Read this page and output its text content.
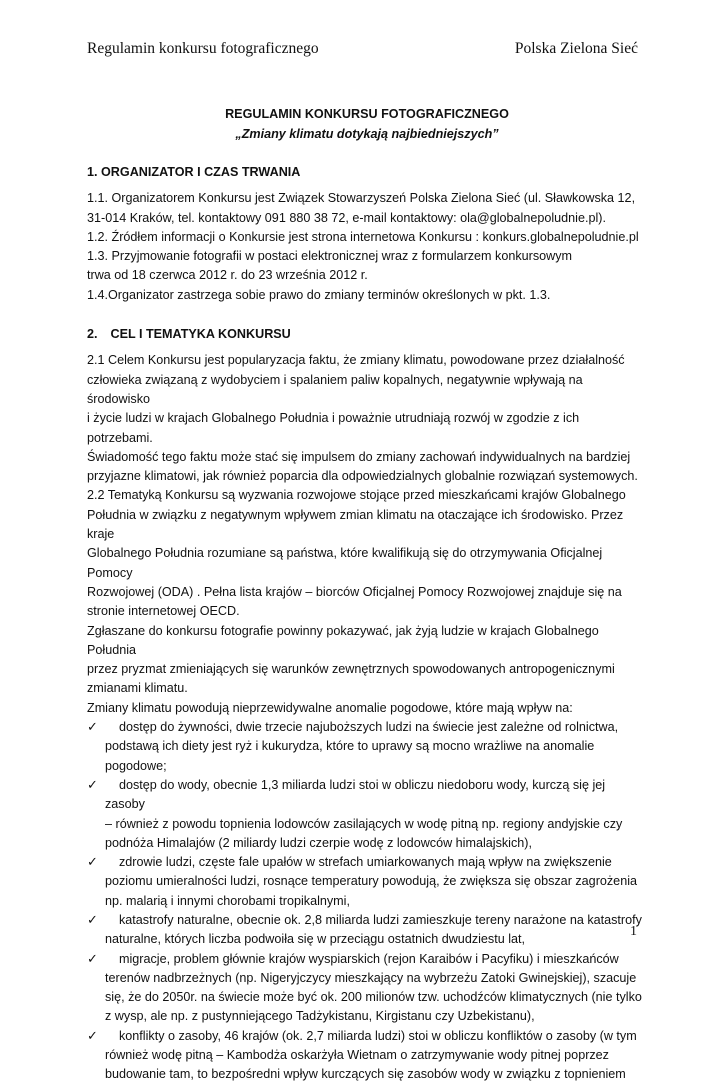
Regulamin konkursu fotograficznego	Polska Zielona Sieć
REGULAMIN KONKURSU FOTOGRAFICZNEGO
„Zmiany klimatu dotykają najbiedniejszych”
1. ORGANIZATOR I CZAS TRWANIA

1.1. Organizatorem Konkursu jest Związek Stowarzyszeń Polska Zielona Sieć (ul. Sławkowska 12,

31-014 Kraków, tel. kontaktowy 091 880 38 72, e-mail kontaktowy: ola@globalnepoludnie.pl).

1.2. Źródłem informacji o Konkursie jest strona internetowa Konkursu : konkurs.globalnepoludnie.pl

1.3. Przyjmowanie fotografii w postaci elektronicznej wraz z formularzem konkursowym

trwa od 18 czerwca 2012 r. do 23 września 2012 r.

1.4.Organizator zastrzega sobie prawo do zmiany terminów określonych w pkt. 1.3.

2. CEL I TEMATYKA KONKURSU

2.1 Celem Konkursu jest popularyzacja faktu, że zmiany klimatu, powodowane przez działalność

człowieka związaną z wydobyciem i spalaniem paliw kopalnych, negatywnie wpływają na środowisko

i życie ludzi w krajach Globalnego Południa i poważnie utrudniają rozwój w zgodzie z ich potrzebami.

Świadomość tego faktu może stać się impulsem do zmiany zachowań indywidualnych na bardziej

przyjazne klimatowi, jak również poparcia dla odpowiedzialnych globalnie rozwiązań systemowych.

2.2 Tematyką Konkursu są wyzwania rozwojowe stojące przed mieszkańcami krajów Globalnego

Południa w związku z negatywnym wpływem zmian klimatu na otaczające ich środowisko. Przez kraje

Globalnego Południa rozumiane są państwa, które kwalifikują się do otrzymywania Oficjalnej Pomocy

Rozwojowej (ODA) . Pełna lista krajów – biorców Oficjalnej Pomocy Rozwojowej znajduje się na

stronie internetowej OECD.

Zgłaszane do konkursu fotografie powinny pokazywać, jak żyją ludzie w krajach Globalnego Południa

przez pryzmat zmieniających się warunków zewnętrznych spowodowanych antropogenicznymi

zmianami klimatu.

Zmiany klimatu powodują nieprzewidywalne anomalie pogodowe, które mają wpływ na:

✓	dostęp do żywności, dwie trzecie najuboższych ludzi na świecie jest zależne od rolnictwa,
podstawą ich diety jest ryż i kukurydza, które to uprawy są mocno wrażliwe na anomalie
pogodowe;
✓	dostęp do wody, obecnie 1,3 miliarda ludzi stoi w obliczu niedoboru wody, kurczą się jej zasoby
– również z powodu topnienia lodowców zasilających w wodę pitną np. regiony andyjskie czy
podnóża Himalajów (2 miliardy ludzi czerpie wodę z lodowców himalajskich),
✓	zdrowie ludzi, częste fale upałów w strefach umiarkowanych mają wpływ na zwiększenie
poziomu umieralności ludzi, rosnące temperatury powodują, że zwiększa się obszar zagrożenia
np. malarią i innymi chorobami tropikalnymi,
✓	katastrofy naturalne, obecnie ok. 2,8 miliarda ludzi zamieszkuje tereny narażone na katastrofy
naturalne, których liczba podwoiła się w przeciągu ostatnich dwudziestu lat,
✓	migracje, problem głównie krajów wyspiarskich (rejon Karaibów i Pacyfiku) i mieszkańców
terenów nadbrzeżnych (np. Nigeryjczycy mieszkający na wybrzeżu Zatoki Gwinejskiej), szacuje
się, że do 2050r. na świecie może być ok. 200 milionów tzw. uchodźców klimatycznych (nie tylko
z wysp, ale np. z pustynniejącego Tadżykistanu, Kirgistanu czy Uzbekistanu),
✓	konflikty o zasoby, 46 krajów (ok. 2,7 miliarda ludzi) stoi w obliczu konfliktów o zasoby (w tym
również wodę pitną – Kambodża oskarżyła Wietnam o zatrzymywanie wody pitnej poprzez
budowanie tam, to bezpośredni wpływ kurczących się zasobów wody w związku z topnieniem
1
